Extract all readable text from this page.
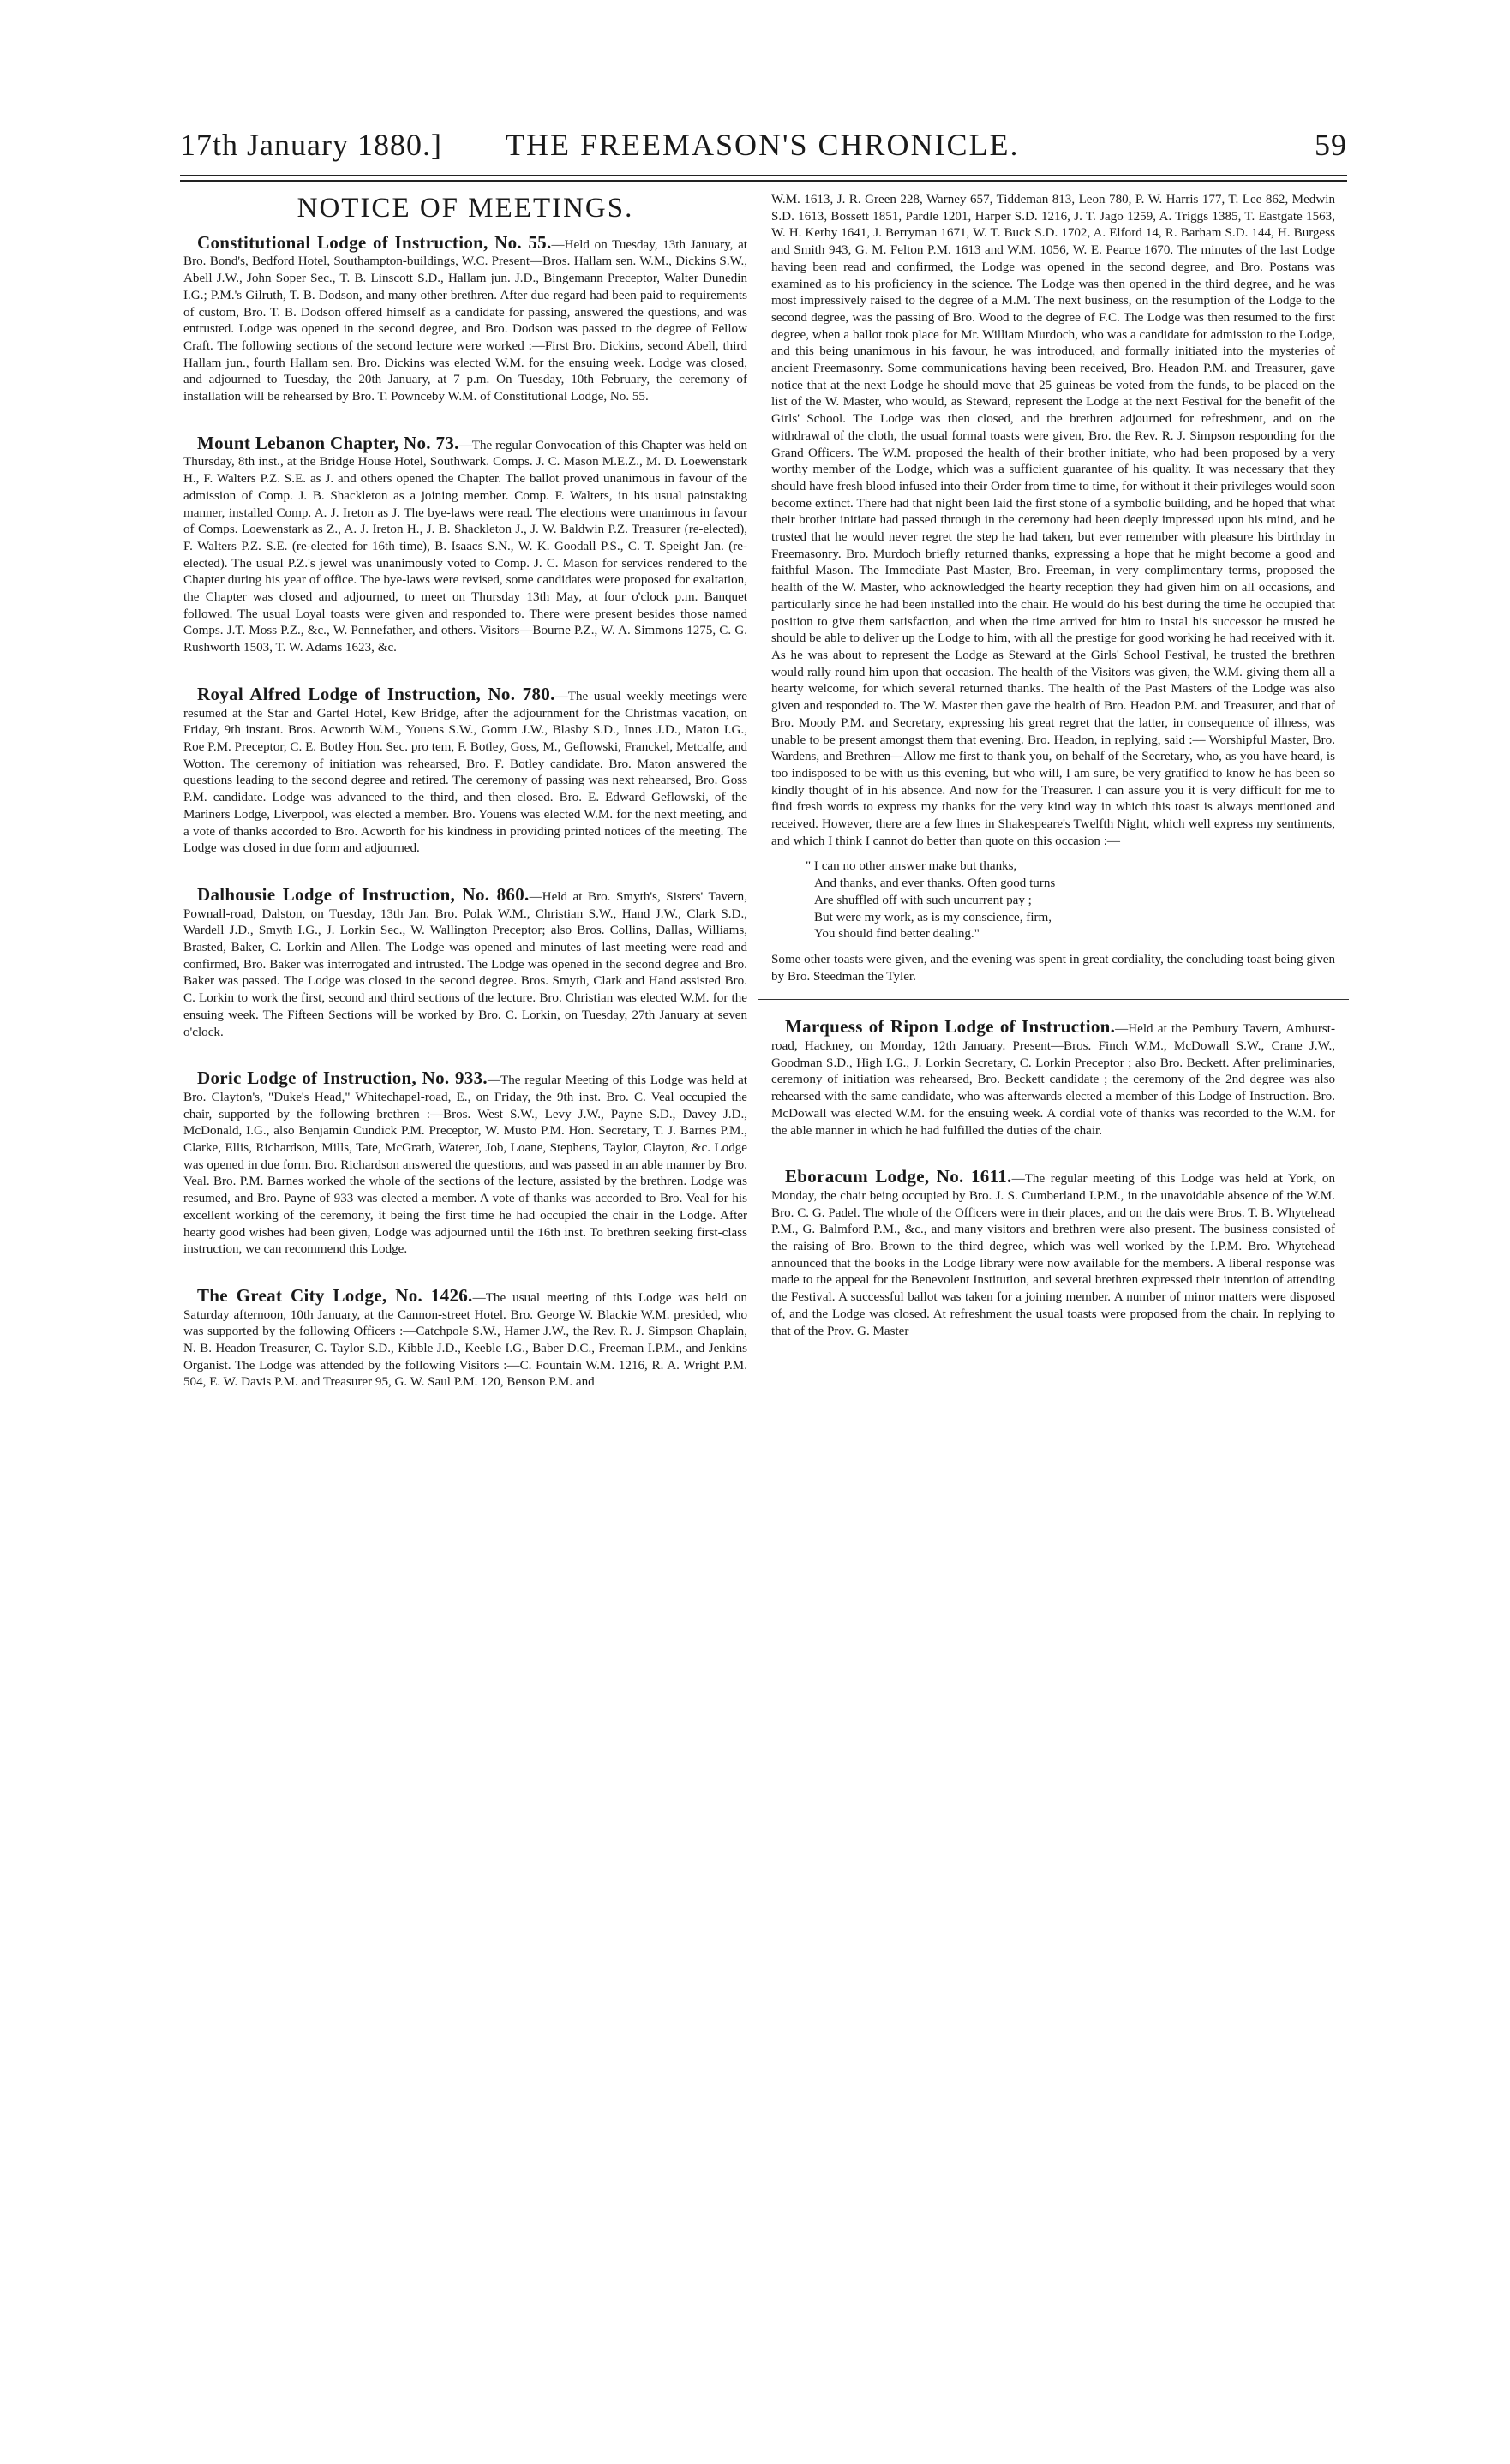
17th January 1880.] THE FREEMASON'S CHRONICLE.	59
NOTICE OF MEETINGS.

Constitutional Lodge of Instruction, No. 55.—Held on Tuesday, 13th January, at Bro. Bond's, Bedford Hotel, Southampton-buildings, W.C. Present—Bros. Hallam sen. W.M., Dickins S.W., Abell J.W., John Soper Sec., T. B. Linscott S.D., Hallam jun. J.D., Bingemann Preceptor, Walter Dunedin I.G.; P.M.'s Gilruth, T. B. Dodson, and many other brethren. After due regard had been paid to requirements of custom, Bro. T. B. Dodson offered himself as a candidate for passing, answered the questions, and was entrusted. Lodge was opened in the second degree, and Bro. Dodson was passed to the degree of Fellow Craft. The following sections of the second lecture were worked :—First Bro. Dickins, second Abell, third Hallam jun., fourth Hallam sen. Bro. Dickins was elected W.M. for the ensuing week. Lodge was closed, and adjourned to Tuesday, the 20th January, at 7 p.m. On Tuesday, 10th February, the ceremony of installation will be rehearsed by Bro. T. Pownceby W.M. of Constitutional Lodge, No. 55.

Mount Lebanon Chapter, No. 73.—The regular Convocation of this Chapter was held on Thursday, 8th inst., at the Bridge House Hotel, Southwark. Comps. J. C. Mason M.E.Z., M. D. Loewenstark H., F. Walters P.Z. S.E. as J. and others opened the Chapter. The ballot proved unanimous in favour of the admission of Comp. J. B. Shackleton as a joining member. Comp. F. Walters, in his usual painstaking manner, installed Comp. A. J. Ireton as J. The bye-laws were read. The elections were unanimous in favour of Comps. Loewenstark as Z., A. J. Ireton H., J. B. Shackleton J., J. W. Baldwin P.Z. Treasurer (re-elected), F. Walters P.Z. S.E. (re-elected for 16th time), B. Isaacs S.N., W. K. Goodall P.S., C. T. Speight Jan. (re-elected). The usual P.Z.'s jewel was unanimously voted to Comp. J. C. Mason for services rendered to the Chapter during his year of office. The bye-laws were revised, some candidates were proposed for exaltation, the Chapter was closed and adjourned, to meet on Thursday 13th May, at four o'clock p.m. Banquet followed. The usual Loyal toasts were given and responded to. There were present besides those named Comps. J.T. Moss P.Z., &c., W. Pennefather, and others. Visitors—Bourne P.Z., W. A. Simmons 1275, C. G. Rushworth 1503, T. W. Adams 1623, &c.

Royal Alfred Lodge of Instruction, No. 780.—The usual weekly meetings were resumed at the Star and Gartel Hotel, Kew Bridge, after the adjournment for the Christmas vacation, on Friday, 9th instant. Bros. Acworth W.M., Youens S.W., Gomm J.W., Blasby S.D., Innes J.D., Maton I.G., Roe P.M. Preceptor, C. E. Botley Hon. Sec. pro tem, F. Botley, Goss, M., Geflowski, Franckel, Metcalfe, and Wotton. The ceremony of initiation was rehearsed, Bro. F. Botley candidate. Bro. Maton answered the questions leading to the second degree and retired. The ceremony of passing was next rehearsed, Bro. Goss P.M. candidate. Lodge was advanced to the third, and then closed. Bro. E. Edward Geflowski, of the Mariners Lodge, Liverpool, was elected a member. Bro. Youens was elected W.M. for the next meeting, and a vote of thanks accorded to Bro. Acworth for his kindness in providing printed notices of the meeting. The Lodge was closed in due form and adjourned.

Dalhousie Lodge of Instruction, No. 860.—Held at Bro. Smyth's, Sisters' Tavern, Pownall-road, Dalston, on Tuesday, 13th Jan. Bro. Polak W.M., Christian S.W., Hand J.W., Clark S.D., Wardell J.D., Smyth I.G., J. Lorkin Sec., W. Wallington Preceptor; also Bros. Collins, Dallas, Williams, Brasted, Baker, C. Lorkin and Allen. The Lodge was opened and minutes of last meeting were read and confirmed, Bro. Baker was interrogated and intrusted. The Lodge was opened in the second degree and Bro. Baker was passed. The Lodge was closed in the second degree. Bros. Smyth, Clark and Hand assisted Bro. C. Lorkin to work the first, second and third sections of the lecture. Bro. Christian was elected W.M. for the ensuing week. The Fifteen Sections will be worked by Bro. C. Lorkin, on Tuesday, 27th January at seven o'clock.

Doric Lodge of Instruction, No. 933.—The regular Meeting of this Lodge was held at Bro. Clayton's, "Duke's Head," Whitechapel-road, E., on Friday, the 9th inst. Bro. C. Veal occupied the chair, supported by the following brethren :—Bros. West S.W., Levy J.W., Payne S.D., Davey J.D., McDonald, I.G., also Benjamin Cundick P.M. Preceptor, W. Musto P.M. Hon. Secretary, T. J. Barnes P.M., Clarke, Ellis, Richardson, Mills, Tate, McGrath, Waterer, Job, Loane, Stephens, Taylor, Clayton, &c. Lodge was opened in due form. Bro. Richardson answered the questions, and was passed in an able manner by Bro. Veal. Bro. P.M. Barnes worked the whole of the sections of the lecture, assisted by the brethren. Lodge was resumed, and Bro. Payne of 933 was elected a member. A vote of thanks was accorded to Bro. Veal for his excellent working of the ceremony, it being the first time he had occupied the chair in the Lodge. After hearty good wishes had been given, Lodge was adjourned until the 16th inst. To brethren seeking first-class instruction, we can recommend this Lodge.

The Great City Lodge, No. 1426.—The usual meeting of this Lodge was held on Saturday afternoon, 10th January, at the Cannon-street Hotel. Bro. George W. Blackie W.M. presided, who was supported by the following Officers :—Catchpole S.W., Hamer J.W., the Rev. R. J. Simpson Chaplain, N. B. Headon Treasurer, C. Taylor S.D., Kibble J.D., Keeble I.G., Baber D.C., Freeman I.P.M., and Jenkins Organist. The Lodge was attended by the following Visitors :—C. Fountain W.M. 1216, R. A. Wright P.M. 504, E. W. Davis P.M. and Treasurer 95, G. W. Saul P.M. 120, Benson P.M. and

W.M. 1613, J. R. Green 228, Warney 657, Tiddeman 813, Leon 780, P. W. Harris 177, T. Lee 862, Medwin S.D. 1613, Bossett 1851, Pardle 1201, Harper S.D. 1216, J. T. Jago 1259, A. Triggs 1385, T. Eastgate 1563, W. H. Kerby 1641, J. Berryman 1671, W. T. Buck S.D. 1702, A. Elford 14, R. Barham S.D. 144, H. Burgess and Smith 943, G. M. Felton P.M. 1613 and W.M. 1056, W. E. Pearce 1670. The minutes of the last Lodge having been read and confirmed, the Lodge was opened in the second degree, and Bro. Postans was examined as to his proficiency in the science. The Lodge was then opened in the third degree, and he was most impressively raised to the degree of a M.M. The next business, on the resumption of the Lodge to the second degree, was the passing of Bro. Wood to the degree of F.C. The Lodge was then resumed to the first degree, when a ballot took place for Mr. William Murdoch, who was a candidate for admission to the Lodge, and this being unanimous in his favour, he was introduced, and formally initiated into the mysteries of ancient Freemasonry. Some communications having been received, Bro. Headon P.M. and Treasurer, gave notice that at the next Lodge he should move that 25 guineas be voted from the funds, to be placed on the list of the W. Master, who would, as Steward, represent the Lodge at the next Festival for the benefit of the Girls' School. The Lodge was then closed, and the brethren adjourned for refreshment, and on the withdrawal of the cloth, the usual formal toasts were given, Bro. the Rev. R. J. Simpson responding for the Grand Officers. The W.M. proposed the health of their brother initiate, who had been proposed by a very worthy member of the Lodge, which was a sufficient guarantee of his quality. It was necessary that they should have fresh blood infused into their Order from time to time, for without it their privileges would soon become extinct. There had that night been laid the first stone of a symbolic building, and he hoped that what their brother initiate had passed through in the ceremony had been deeply impressed upon his mind, and he trusted that he would never regret the step he had taken, but ever remember with pleasure his birthday in Freemasonry. Bro. Murdoch briefly returned thanks, expressing a hope that he might become a good and faithful Mason. The Immediate Past Master, Bro. Freeman, in very complimentary terms, proposed the health of the W. Master, who acknowledged the hearty reception they had given him on all occasions, and particularly since he had been installed into the chair. He would do his best during the time he occupied that position to give them satisfaction, and when the time arrived for him to instal his successor he trusted he should be able to deliver up the Lodge to him, with all the prestige for good working he had received with it. As he was about to represent the Lodge as Steward at the Girls' School Festival, he trusted the brethren would rally round him upon that occasion. The health of the Visitors was given, the W.M. giving them all a hearty welcome, for which several returned thanks. The health of the Past Masters of the Lodge was also given and responded to. The W. Master then gave the health of Bro. Headon P.M. and Treasurer, and that of Bro. Moody P.M. and Secretary, expressing his great regret that the latter, in consequence of illness, was unable to be present amongst them that evening. Bro. Headon, in replying, said :— Worshipful Master, Bro. Wardens, and Brethren—Allow me first to thank you, on behalf of the Secretary, who, as you have heard, is too indisposed to be with us this evening, but who will, I am sure, be very gratified to know he has been so kindly thought of in his absence. And now for the Treasurer. I can assure you it is very difficult for me to find fresh words to express my thanks for the very kind way in which this toast is always mentioned and received. However, there are a few lines in Shakespeare's Twelfth Night, which well express my sentiments, and which I think I cannot do better than quote on this occasion :—

" I can no other answer make but thanks,
And thanks, and ever thanks. Often good turns
Are shuffled off with such uncurrent pay ;
But were my work, as is my conscience, firm,
You should find better dealing."

Some other toasts were given, and the evening was spent in great cordiality, the concluding toast being given by Bro. Steedman the Tyler.

Marquess of Ripon Lodge of Instruction.—Held at the Pembury Tavern, Amhurst-road, Hackney, on Monday, 12th January. Present—Bros. Finch W.M., McDowall S.W., Crane J.W., Goodman S.D., High I.G., J. Lorkin Secretary, C. Lorkin Preceptor ; also Bro. Beckett. After preliminaries, ceremony of initiation was rehearsed, Bro. Beckett candidate ; the ceremony of the 2nd degree was also rehearsed with the same candidate, who was afterwards elected a member of this Lodge of Instruction. Bro. McDowall was elected W.M. for the ensuing week. A cordial vote of thanks was recorded to the W.M. for the able manner in which he had fulfilled the duties of the chair.

Eboracum Lodge, No. 1611.—The regular meeting of this Lodge was held at York, on Monday, the chair being occupied by Bro. J. S. Cumberland I.P.M., in the unavoidable absence of the W.M. Bro. C. G. Padel. The whole of the Officers were in their places, and on the dais were Bros. T. B. Whytehead P.M., G. Balmford P.M., &c., and many visitors and brethren were also present. The business consisted of the raising of Bro. Brown to the third degree, which was well worked by the I.P.M. Bro. Whytehead announced that the books in the Lodge library were now available for the members. A liberal response was made to the appeal for the Benevolent Institution, and several brethren expressed their intention of attending the Festival. A successful ballot was taken for a joining member. A number of minor matters were disposed of, and the Lodge was closed. At refreshment the usual toasts were proposed from the chair. In replying to that of the Prov. G. Master
